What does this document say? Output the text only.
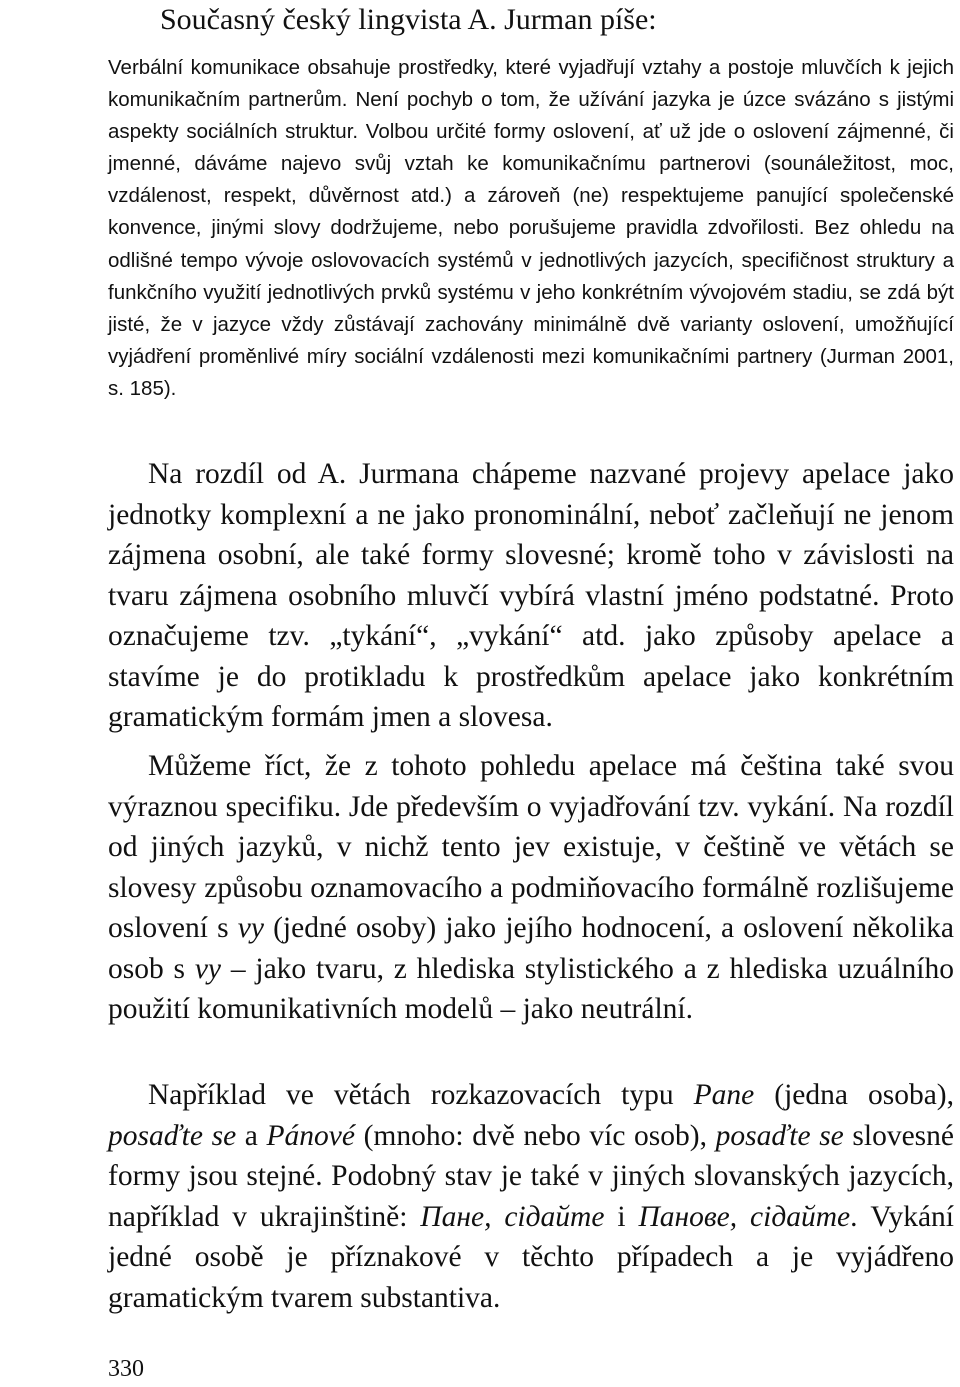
Současný český lingvista A. Jurman píše:

Verbální komunikace obsahuje prostředky, které vyjadřují vztahy a postoje mluvčích k jejich komunikačním partnerům. Není pochyb o tom, že užívání jazyka je úzce svázáno s jistými aspekty sociálních struktur. Volbou určité formy oslovení, ať už jde o oslovení zájmenné, či jmenné, dáváme najevo svůj vztah ke komunikačnímu partnerovi (sounáležitost, moc, vzdálenost, respekt, důvěrnost atd.) a zároveň (ne) respektujeme panující společenské konvence, jinými slovy dodržujeme, nebo porušujeme pravidla zdvořilosti. Bez ohledu na odlišné tempo vývoje oslovovacích systémů v jednotlivých jazycích, specifičnost struktury a funkčního využití jednotlivých prvků systému v jeho konkrétním vývojovém stadiu, se zdá být jisté, že v jazyce vždy zůstávají zachovány minimálně dvě varianty oslovení, umožňující vyjádření proměnlivé míry sociální vzdálenosti mezi komunikačními partnery (Jurman 2001, s. 185).

Na rozdíl od A. Jurmana chápeme nazvané projevy apelace jako jednotky komplexní a ne jako pronominální, neboť začleňují ne jenom zájmena osobní, ale také formy slovesné; kromě toho v závislosti na tvaru zájmena osobního mluvčí vybírá vlastní jméno podstatné. Proto označujeme tzv. „tykání“, „vykání“ atd. jako způsoby apelace a stavíme je do protikladu k prostředkům apelace jako konkrétním gramatickým formám jmen a slovesa.

Můžeme říct, že z tohoto pohledu apelace má čeština také svou výraznou specifiku. Jde především o vyjadřování tzv. vykání. Na rozdíl od jiných jazyků, v nichž tento jev existuje, v češtině ve větách se slovesy způsobu oznamovacího a podmiňovacího formálně rozlišujeme oslovení s vy (jedné osoby) jako jejího hodnocení, a oslovení několika osob s vy – jako tvaru, z hlediska stylistického a z hlediska uzuálního použití komunikativních modelů – jako neutrální.

Například ve větách rozkazovacích typu Pane (jedna osoba), posaďte se a Pánové (mnoho: dvě nebo víc osob), posaďte se slovesné formy jsou stejné. Podobný stav je také v jiných slovanských jazycích, například v ukrajinštině: Пане, сідайте i Панове, сідайте. Vykání jedné osobě je příznakové v těchto případech a je vyjádřeno gramatickým tvarem substantiva.

330
